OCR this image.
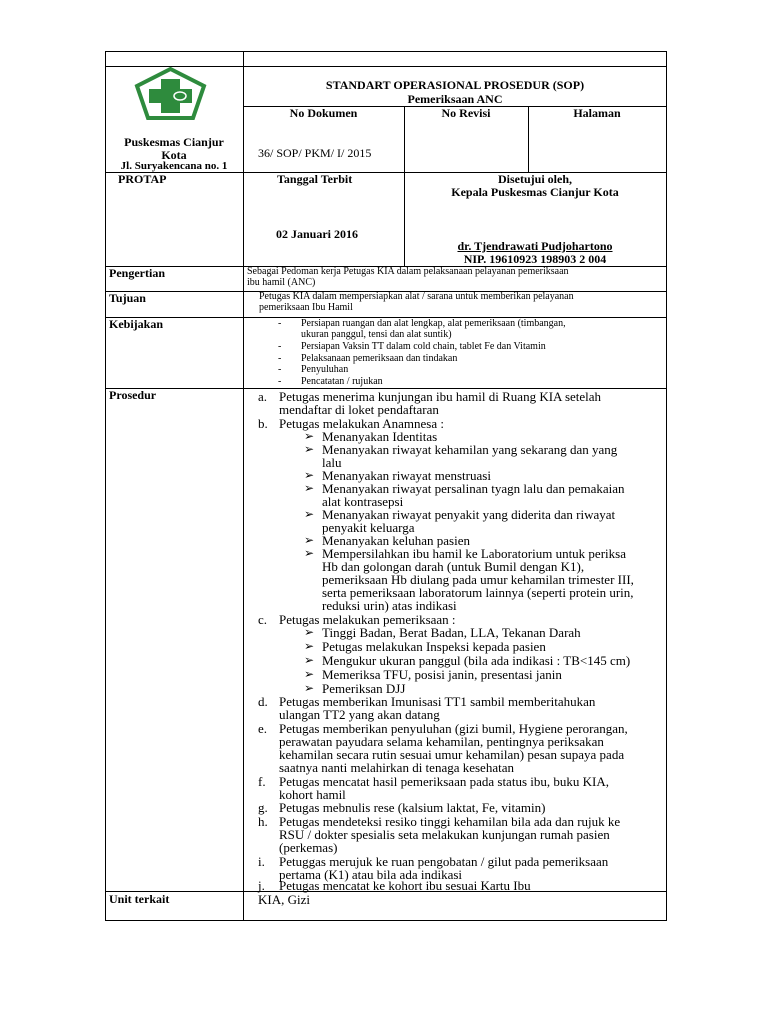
STANDART OPERASIONAL PROSEDUR (SOP)
Pemeriksaan ANC
No Dokumen	No Revisi	Halaman
36/ SOP/ PKM/ I/ 2015
Puskesmas Cianjur
Kota
Jl. Suryakencana no. 1
PROTAP	Tanggal Terbit
02 Januari 2016
Disetujui oleh,
Kepala Puskesmas Cianjur Kota
dr. Tjendrawati Pudjohartono
NIP. 19610923 198903 2 004
Pengertian	Sebagai Pedoman kerja Petugas KIA dalam pelaksanaan pelayanan pemeriksaan
ibu hamil (ANC)
Tujuan	Petugas KIA dalam mempersiapkan alat / sarana untuk memberikan pelayanan
pemeriksaan Ibu Hamil
Kebijakan	- Persiapan ruangan dan alat lengkap, alat pemeriksaan (timbangan,
ukuran panggul, tensi dan alat suntik)
- Persiapan Vaksin TT dalam cold chain, tablet Fe dan Vitamin
- Pelaksanaan pemeriksaan dan tindakan
- Penyuluhan
- Pencatatan / rujukan
Prosedur	a. Petugas menerima kunjungan ibu hamil di Ruang KIA setelah
mendaftar di loket pendaftaran
b. Petugas melakukan Anamnesa :
➢ Menanyakan Identitas
➢ Menanyakan riwayat kehamilan yang sekarang dan yang
lalu
➢ Menanyakan riwayat menstruasi
➢ Menanyakan riwayat persalinan tyagn lalu dan pemakaian
alat kontrasepsi
➢ Menanyakan riwayat penyakit yang diderita dan riwayat
penyakit keluarga
➢ Menanyakan keluhan pasien
➢ Mempersilahkan ibu hamil ke Laboratorium untuk periksa
Hb dan golongan darah (untuk Bumil dengan K1),
pemeriksaan Hb diulang pada umur kehamilan trimester III,
serta pemeriksaan laboratorum lainnya (seperti protein urin,
reduksi urin) atas indikasi
c. Petugas melakukan pemeriksaan :
➢ Tinggi Badan, Berat Badan, LLA, Tekanan Darah
➢ Petugas melakukan Inspeksi kepada pasien
➢ Mengukur ukuran panggul (bila ada indikasi : TB<145 cm)
➢ Memeriksa TFU, posisi janin, presentasi janin
➢ Pemeriksan DJJ
d. Petugas memberikan Imunisasi TT1 sambil memberitahukan
ulangan TT2 yang akan datang
e. Petugas memberikan penyuluhan (gizi bumil, Hygiene perorangan,
perawatan payudara selama kehamilan, pentingnya periksakan
kehamilan secara rutin sesuai umur kehamilan) pesan supaya pada
saatnya nanti melahirkan di tenaga kesehatan
f. Petugas mencatat hasil pemeriksaan pada status ibu, buku KIA,
kohort hamil
g. Petugas mebnulis rese (kalsium laktat, Fe, vitamin)
h. Petugas mendeteksi resiko tinggi kehamilan bila ada dan rujuk ke
RSU / dokter spesialis seta melakukan kunjungan rumah pasien
(perkemas)
i. Petuggas merujuk ke ruan pengobatan / gilut pada pemeriksaan
pertama (K1) atau bila ada indikasi
j. Petugas mencatat ke kohort ibu sesuai Kartu Ibu
Unit terkait	KIA, Gizi
